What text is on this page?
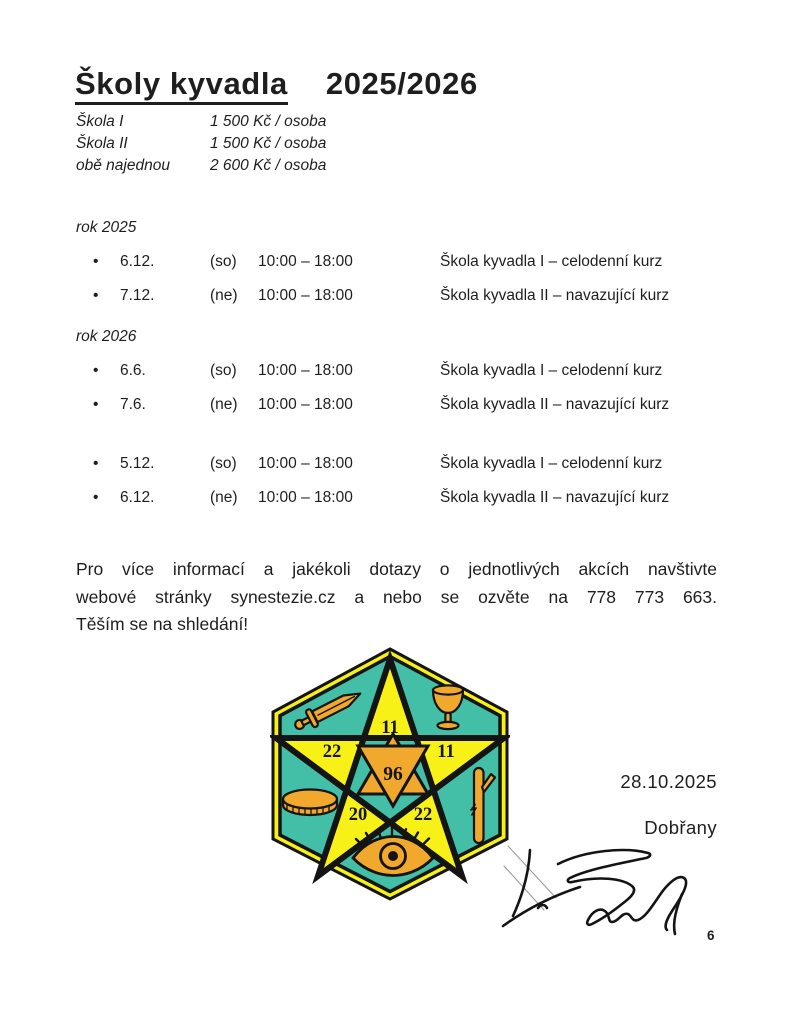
Školy kyvadla 2025/2026
Škola I	1 500 Kč / osoba
Škola II	1 500 Kč / osoba
obě najednou	2 600 Kč / osoba
rok 2025
•	6.12.	(so)	10:00 – 18:00	Škola kyvadla I – celodenní kurz
•	7.12.	(ne)	10:00 – 18:00	Škola kyvadla II – navazující kurz
rok 2026
•	6.6.	(so)	10:00 – 18:00	Škola kyvadla I – celodenní kurz
•	7.6.	(ne)	10:00 – 18:00	Škola kyvadla II – navazující kurz
•	5.12.	(so)	10:00 – 18:00	Škola kyvadla I – celodenní kurz
•	6.12.	(ne)	10:00 – 18:00	Škola kyvadla II – navazující kurz
Pro více informací a jakékoli dotazy o jednotlivých akcích navštivte
webové stránky synestezie.cz a nebo se ozvěte na 778 773 663.
Těším se na shledání!
11
22	11
20	22
96	28.10.2025
Dobřany
6
